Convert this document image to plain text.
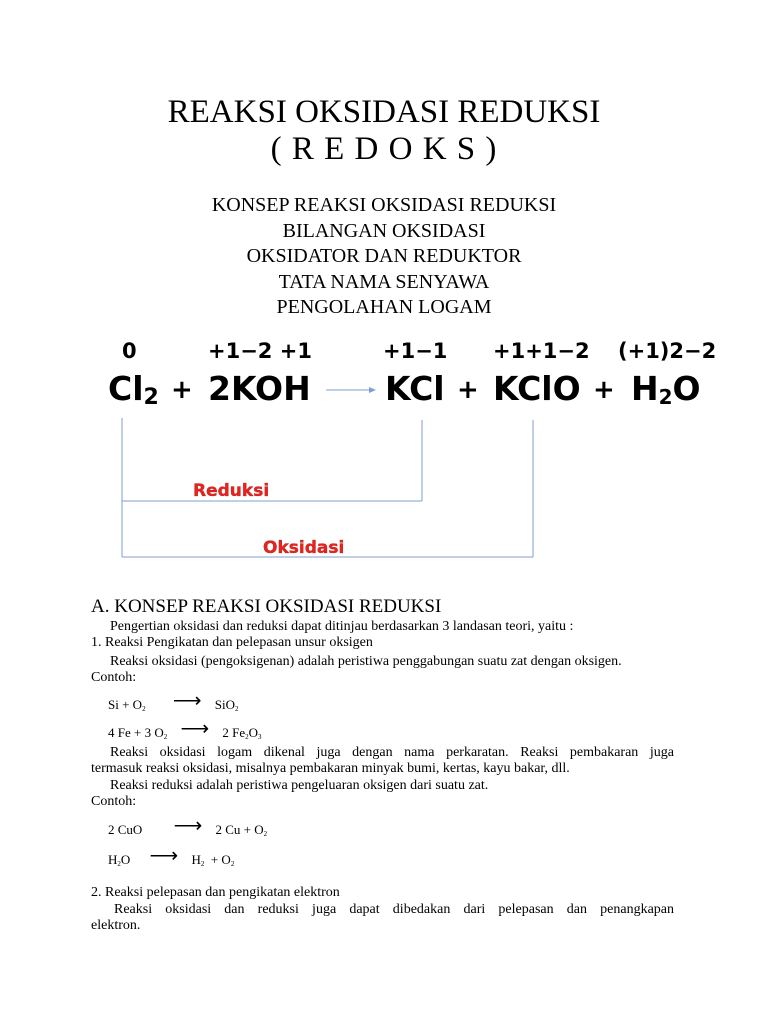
REAKSI OKSIDASI REDUKSI
( R E D O K S )
KONSEP REAKSI OKSIDASI REDUKSI
BILANGAN OKSIDASI
OKSIDATOR DAN REDUKTOR
TATA NAMA SENYAWA
PENGOLAHAN LOGAM
0	+1−2 +1	+1−1 +1+1−2 (+1)2−2
Cl2 + 2KOH KCl + KClO + H2O
Reduksi
Oksidasi
A. KONSEP REAKSI OKSIDASI REDUKSI
Pengertian oksidasi dan reduksi dapat ditinjau berdasarkan 3 landasan teori, yaitu :
1. Reaksi Pengikatan dan pelepasan unsur oksigen
Reaksi oksidasi (pengoksigenan) adalah peristiwa penggabungan suatu zat dengan oksigen.
Contoh:
$Si + O_2$ ⟶ SiO$_2$
4 Fe + 3 $O_2$ ⟶ 2 $Fe_2O_3$
Reaksi oksidasi logam dikenal juga dengan nama perkaratan. Reaksi pembakaran juga
termasuk reaksi oksidasi, misalnya pembakaran minyak bumi, kertas, kayu bakar, dll.
Reaksi reduksi adalah peristiwa pengeluaran oksigen dari suatu zat.
Contoh:
2 CuO ⟶ 2 $Cu + O_2$
$H_2O$ ⟶ $H_2 + O_2$
2. Reaksi pelepasan dan pengikatan elektron
Reaksi oksidasi dan reduksi juga dapat dibedakan dari pelepasan dan penangkapan
elektron.
